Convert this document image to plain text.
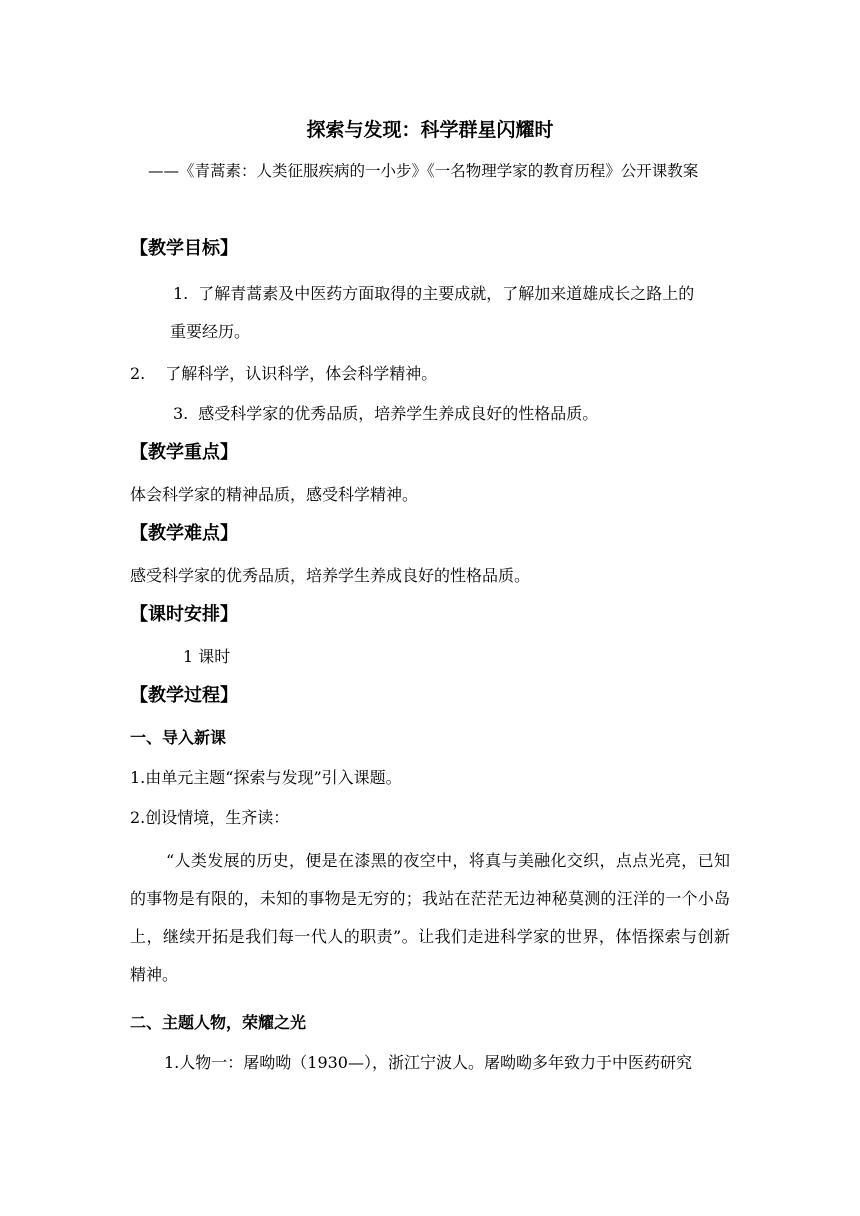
探索与发现：科学群星闪耀时
——《青蒿素：人类征服疾病的一小步》《一名物理学家的教育历程》公开课教案
【教学目标】
1. 了解青蒿素及中医药方面取得的主要成就，了解加来道雄成长之路上的
重要经历。
2. 了解科学，认识科学，体会科学精神。
3. 感受科学家的优秀品质，培养学生养成良好的性格品质。
【教学重点】
体会科学家的精神品质，感受科学精神。
【教学难点】
感受科学家的优秀品质，培养学生养成良好的性格品质。
【课时安排】
1 课时
【教学过程】
一、导入新课
1.由单元主题“探索与发现”引入课题。
2.创设情境，生齐读：
“人类发展的历史，便是在漆黑的夜空中，将真与美融化交织，点点光亮，已知的事物是有限的，未知的事物是无穷的；我站在茫茫无边神秘莫测的汪洋的一个小岛上，继续开拓是我们每一代人的职责”。让我们走进科学家的世界，体悟探索与创新精神。
二、主题人物，荣耀之光
1.人物一：屠呦呦（1930—），浙江宁波人。屠呦呦多年致力于中医药研究
